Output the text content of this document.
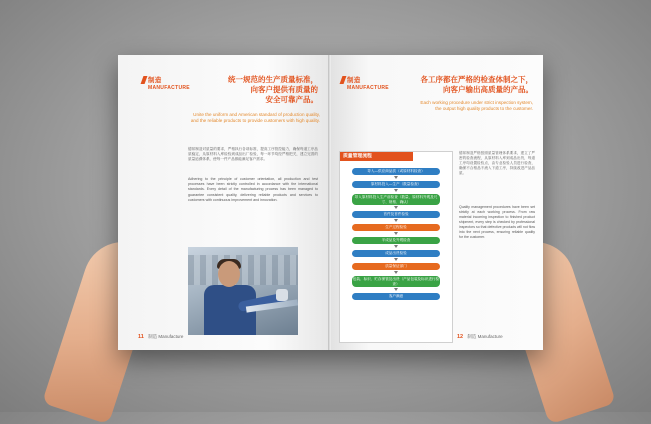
制造
MANUFACTURE
统一规范的生产质量标准，
向客户提供有质量的
安全可靠产品。
Unite the uniform and American standard of production quality,
and the reliable products to provide customers with high quality.
德邦制造对质量的要求，严格执行各项标准，提高工序管控能力，确保每道工序品质稳定，从原材料入库检验到成品出厂检验，每一环节均经严格把关，建立完善的质量追溯体系，使每一件产品都能满足客户需求。
Adhering to the principle of customer orientation, all production and test processes have been strictly controlled in accordance with the international standards. Every detail of the manufacturing process has been managed to guarantee consistent quality, delivering reliable products and services to customers with continuous improvement and innovation.
11 制造 Manufacture
制造
MANUFACTURE
各工序都在严格的检查体制之下，
向客户输出高质量的产品。
Each working procedure under strict inspection system,
the output high quality products to the customer.
质量管理流程
导入—供应商品质（或原材料检查）
原材料投入—生产（数量检查）
导入原材料投入生产前检查（数量、原材料外观及尺寸、规格、确认）
首件及首件检验
生产过程检验
半成品及外观检查
成品出货检验
质量保证部门
包装、标识、贮存保管及出货（产品包装及标识进行检查）
客户满意
德邦制造严格按照质量管理体系要求，建立了严密的检查流程，从原材料入库到成品出货，每道工序均设置检验点，由专业检验人员进行检查，确保不合格品不流入下道工序，持续改进产品品质。
Quality management procedures have been set strictly at each working process. From raw material incoming inspection to finished product shipment, every step is checked by professional inspectors so that defective products will not flow into the next process, ensuring reliable quality for the customer.
12 制造 Manufacture
